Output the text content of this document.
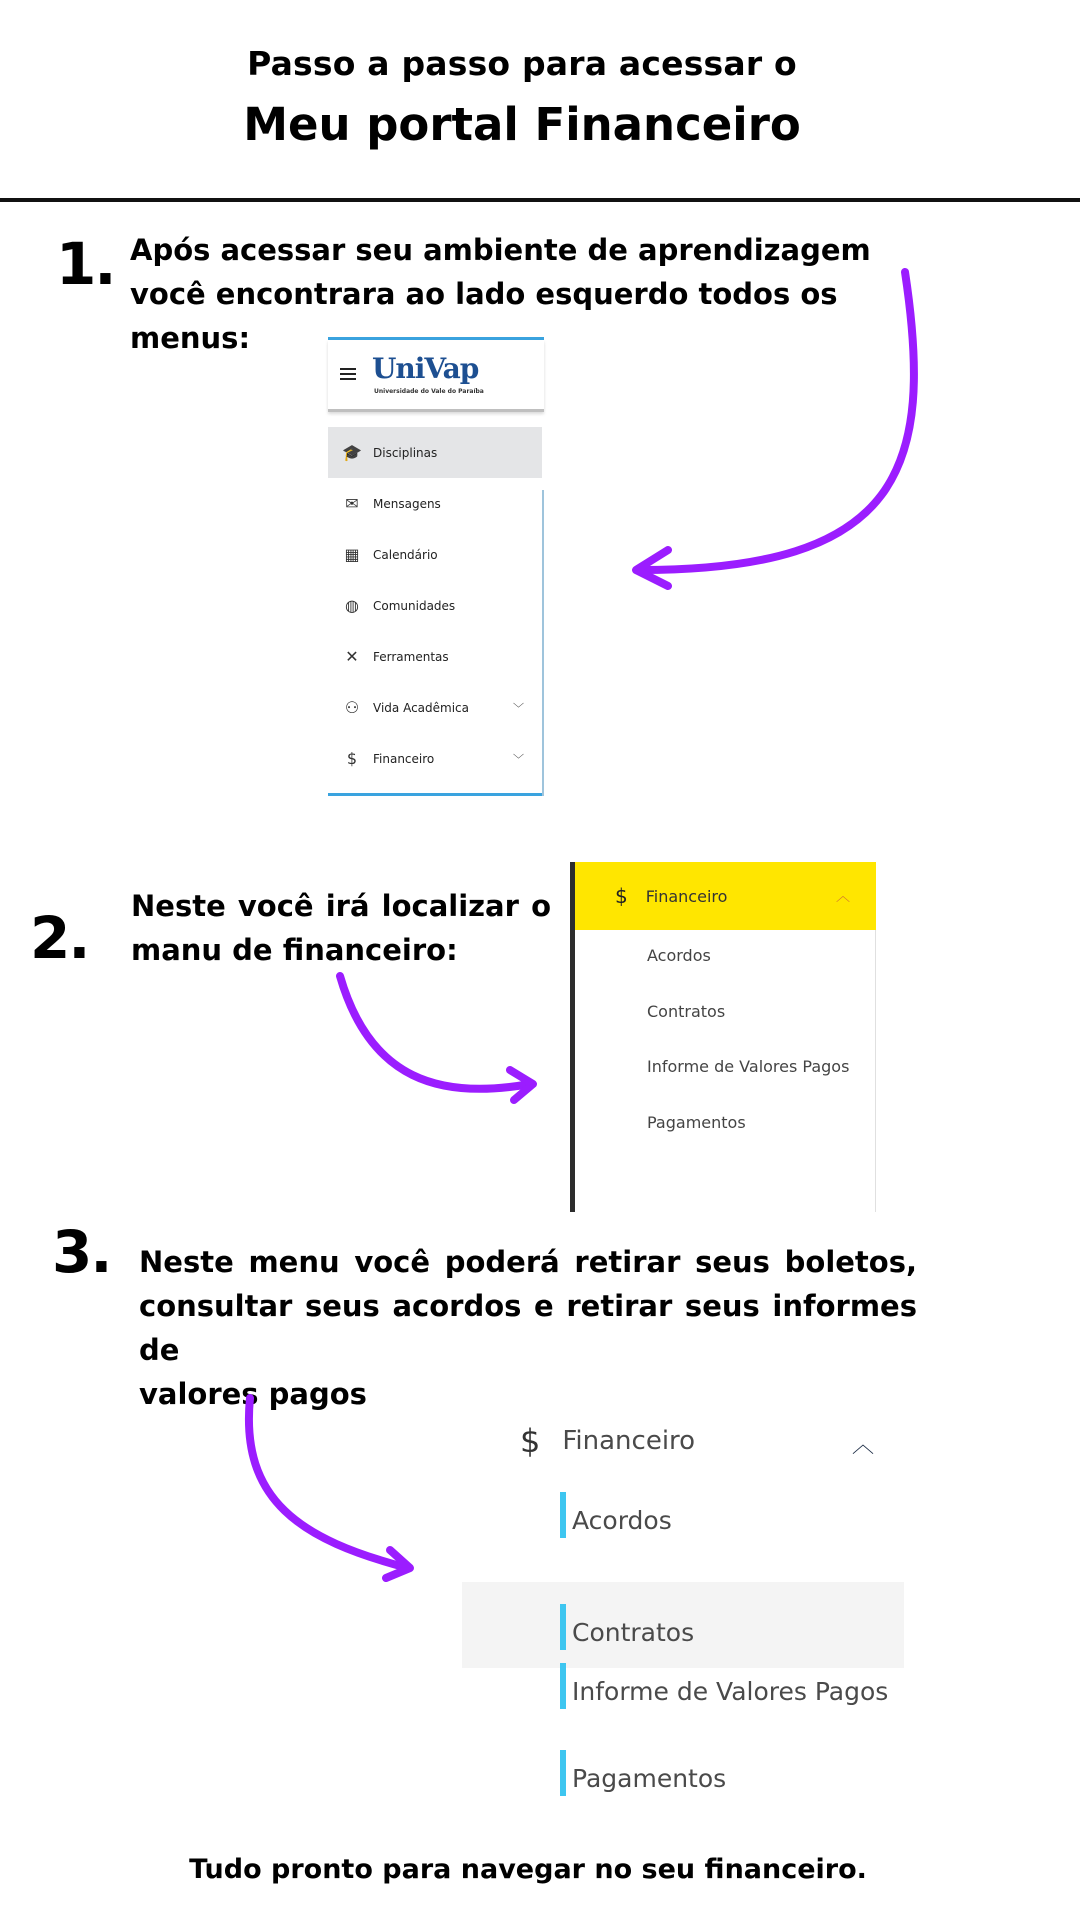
Passo a passo para acessar o
Meu portal Financeiro
1. Após acessar seu ambiente de aprendizagem você encontrara ao lado esquerdo todos os menus:
UniVap
Universidade do Vale do Paraíba
🎓 Disciplinas
✉	Mensagens
▦ Calendário
◍	Comunidades
✕	Ferramentas
⚇	Vida Acadêmica	﹀
$	Financeiro	﹀
2. Neste você irá localizar o
manu de financeiro:
$ Financeiro	︿
Acordos
Contratos
Informe de Valores Pagos
Pagamentos
3. Neste menu você poderá retirar seus boletos,
consultar seus acordos e retirar seus informes de
valores pagos
$ Financeiro	︿
Acordos
Contratos
Informe de Valores Pagos
Pagamentos
Tudo pronto para navegar no seu financeiro.
